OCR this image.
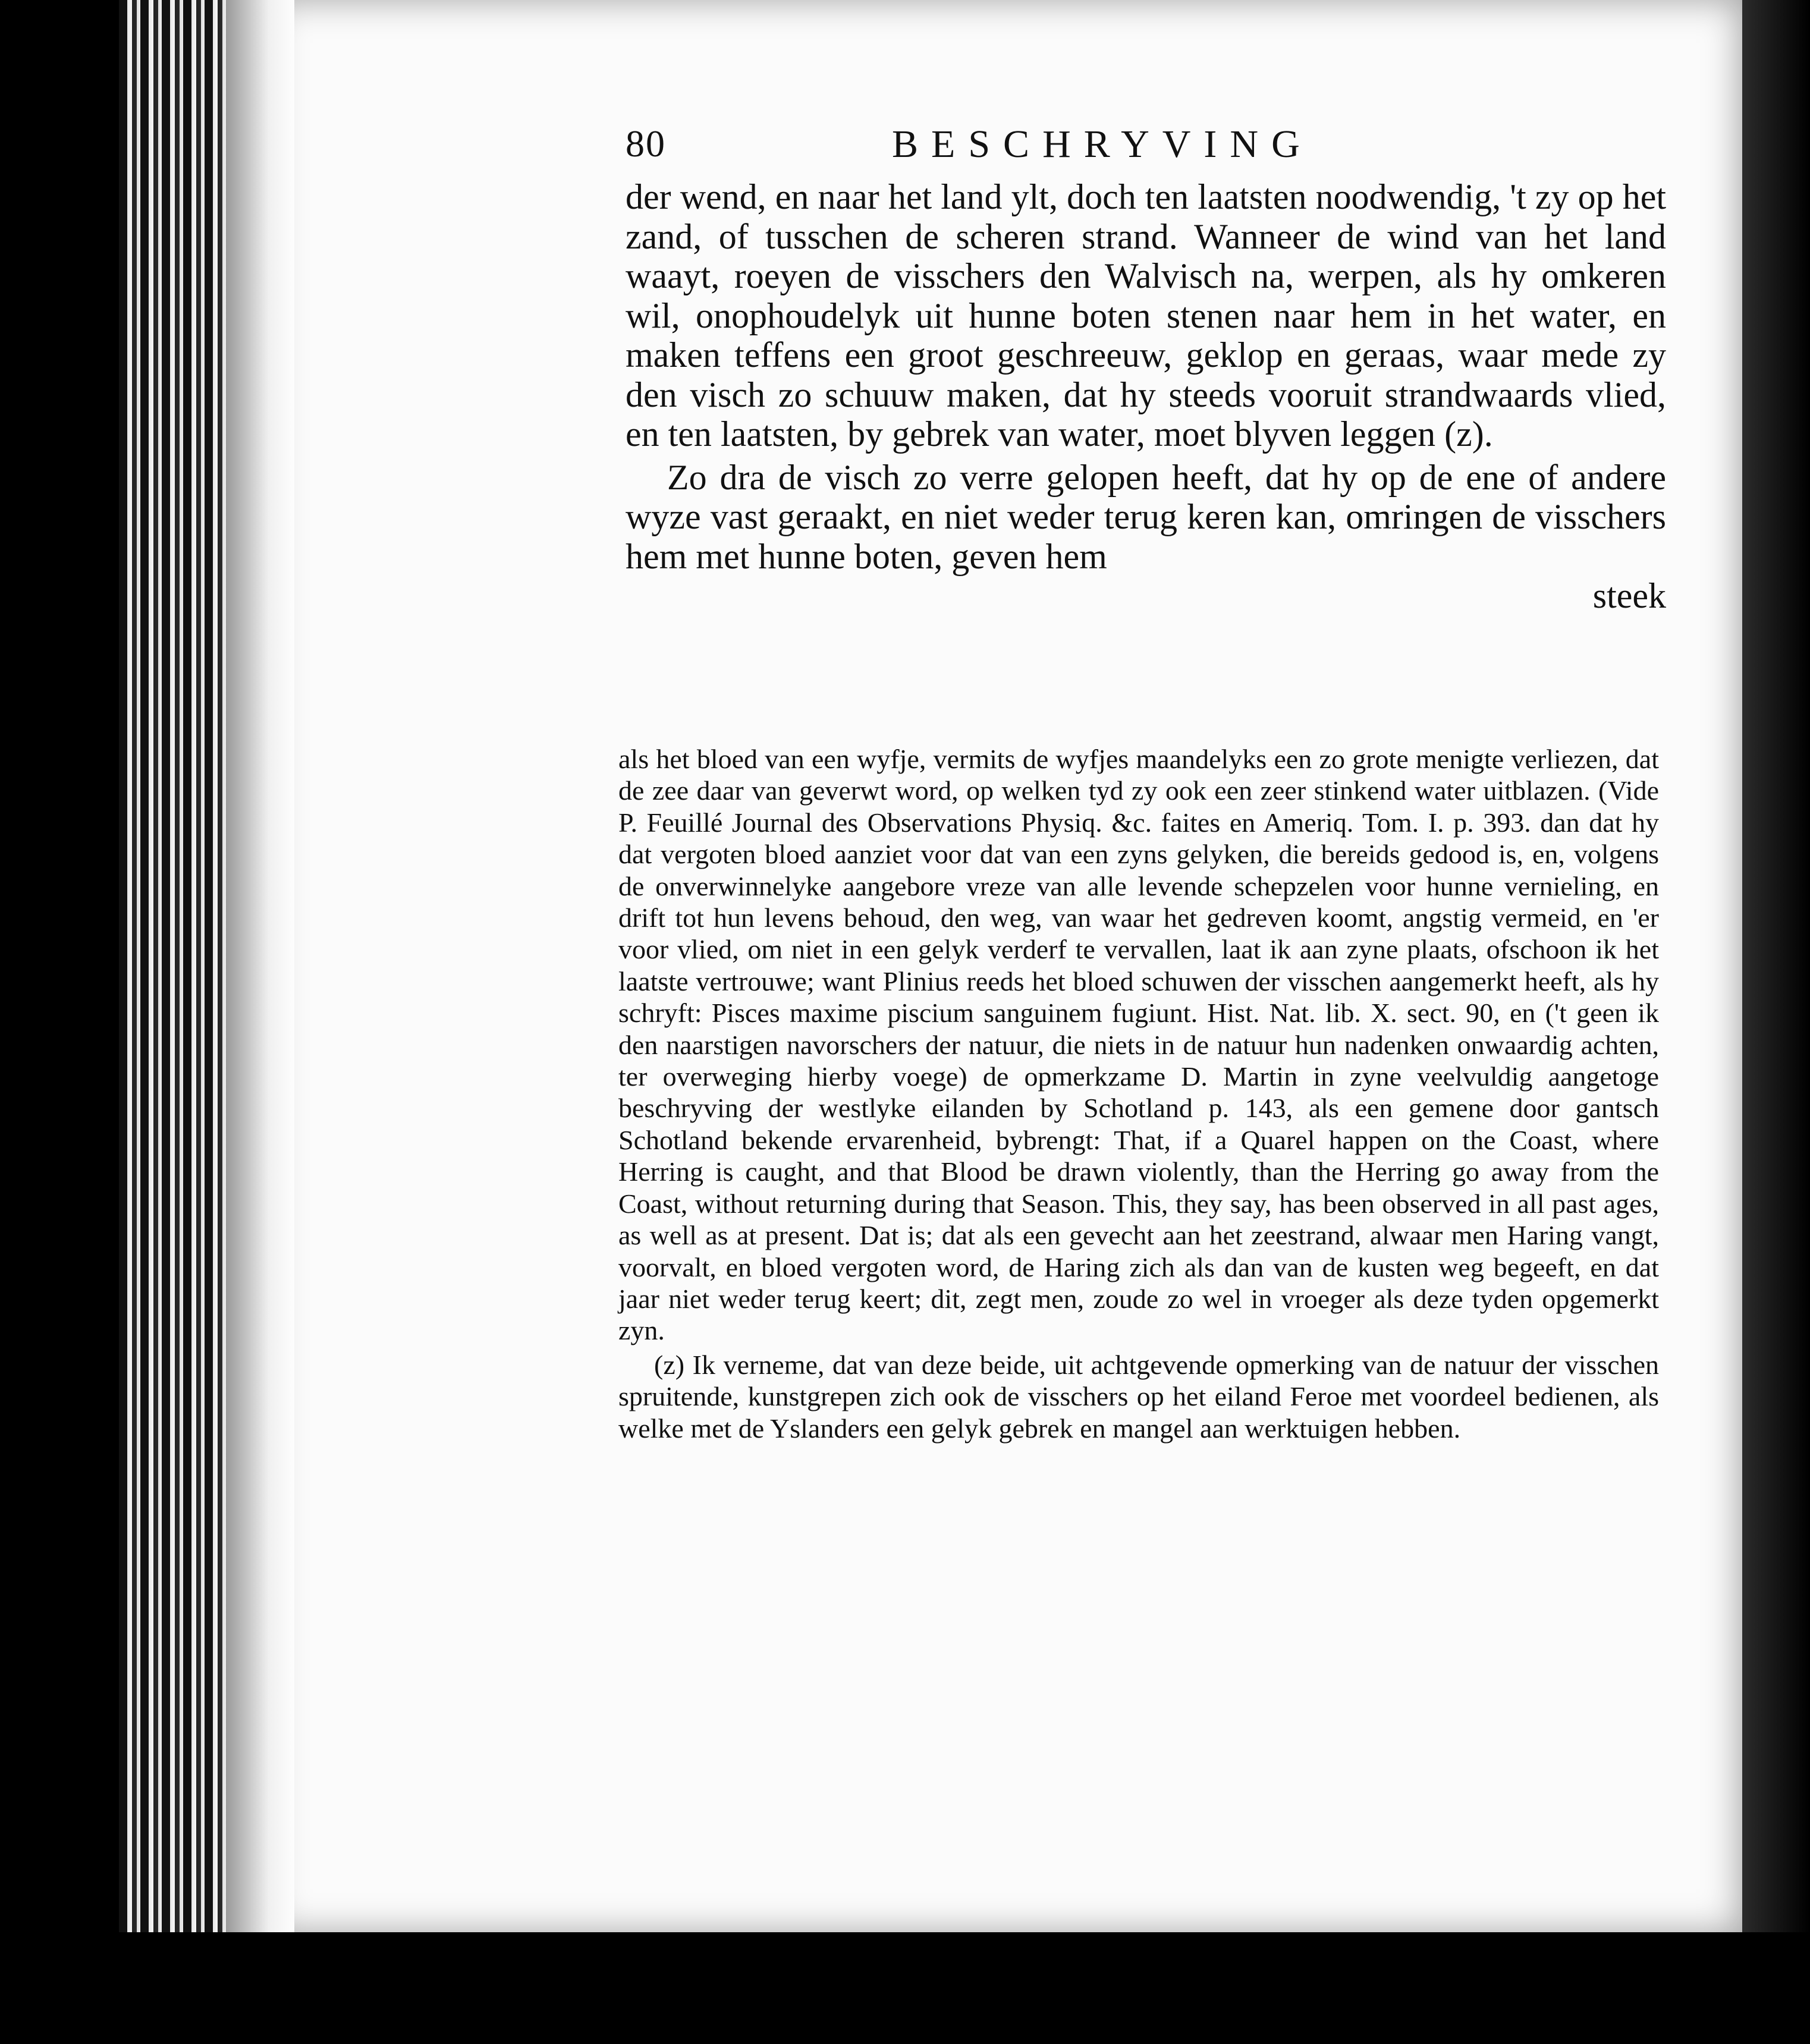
80	BESCHRYVING

der wend, en naar het land ylt, doch ten laatsten noodwendig, 't zy op het zand, of tusschen de scheren strand. Wanneer de wind van het land waayt, roeyen de visschers den Walvisch na, werpen, als hy omkeren wil, onophoudelyk uit hunne boten stenen naar hem in het water, en maken teffens een groot geschreeuw, geklop en geraas, waar mede zy den visch zo schuuw maken, dat hy steeds vooruit strandwaards vlied, en ten laatsten, by gebrek van water, moet blyven leggen (z).

Zo dra de visch zo verre gelopen heeft, dat hy op de ene of andere wyze vast geraakt, en niet weder terug keren kan, omringen de visschers hem met hunne boten, geven hem

steek

als het bloed van een wyfje, vermits de wyfjes maandelyks een zo grote menigte verliezen, dat de zee daar van geverwt word, op welken tyd zy ook een zeer stinkend water uitblazen. (Vide P. Feuillé Journal des Observations Physiq. &c. faites en Ameriq. Tom. I. p. 393. dan dat hy dat vergoten bloed aanziet voor dat van een zyns gelyken, die bereids gedood is, en, volgens de onverwinnelyke aangebore vreze van alle levende schepzelen voor hunne vernieling, en drift tot hun levens behoud, den weg, van waar het gedreven koomt, angstig vermeid, en 'er voor vlied, om niet in een gelyk verderf te vervallen, laat ik aan zyne plaats, ofschoon ik het laatste vertrouwe; want Plinius reeds het bloed schuwen der visschen aangemerkt heeft, als hy schryft: Pisces maxime piscium sanguinem fugiunt. Hist. Nat. lib. X. sect. 90, en ('t geen ik den naarstigen navorschers der natuur, die niets in de natuur hun nadenken onwaardig achten, ter overweging hierby voege) de opmerkzame D. Martin in zyne veelvuldig aangetoge beschryving der westlyke eilanden by Schotland p. 143, als een gemene door gantsch Schotland bekende ervarenheid, bybrengt: That, if a Quarel happen on the Coast, where Herring is caught, and that Blood be drawn violently, than the Herring go away from the Coast, without returning during that Season. This, they say, has been observed in all past ages, as well as at present. Dat is; dat als een gevecht aan het zeestrand, alwaar men Haring vangt, voorvalt, en bloed vergoten word, de Haring zich als dan van de kusten weg begeeft, en dat jaar niet weder terug keert; dit, zegt men, zoude zo wel in vroeger als deze tyden opgemerkt zyn.

(z) Ik verneme, dat van deze beide, uit achtgevende opmerking van de natuur der visschen spruitende, kunstgrepen zich ook de visschers op het eiland Feroe met voordeel bedienen, als welke met de Yslanders een gelyk gebrek en mangel aan werktuigen hebben.
